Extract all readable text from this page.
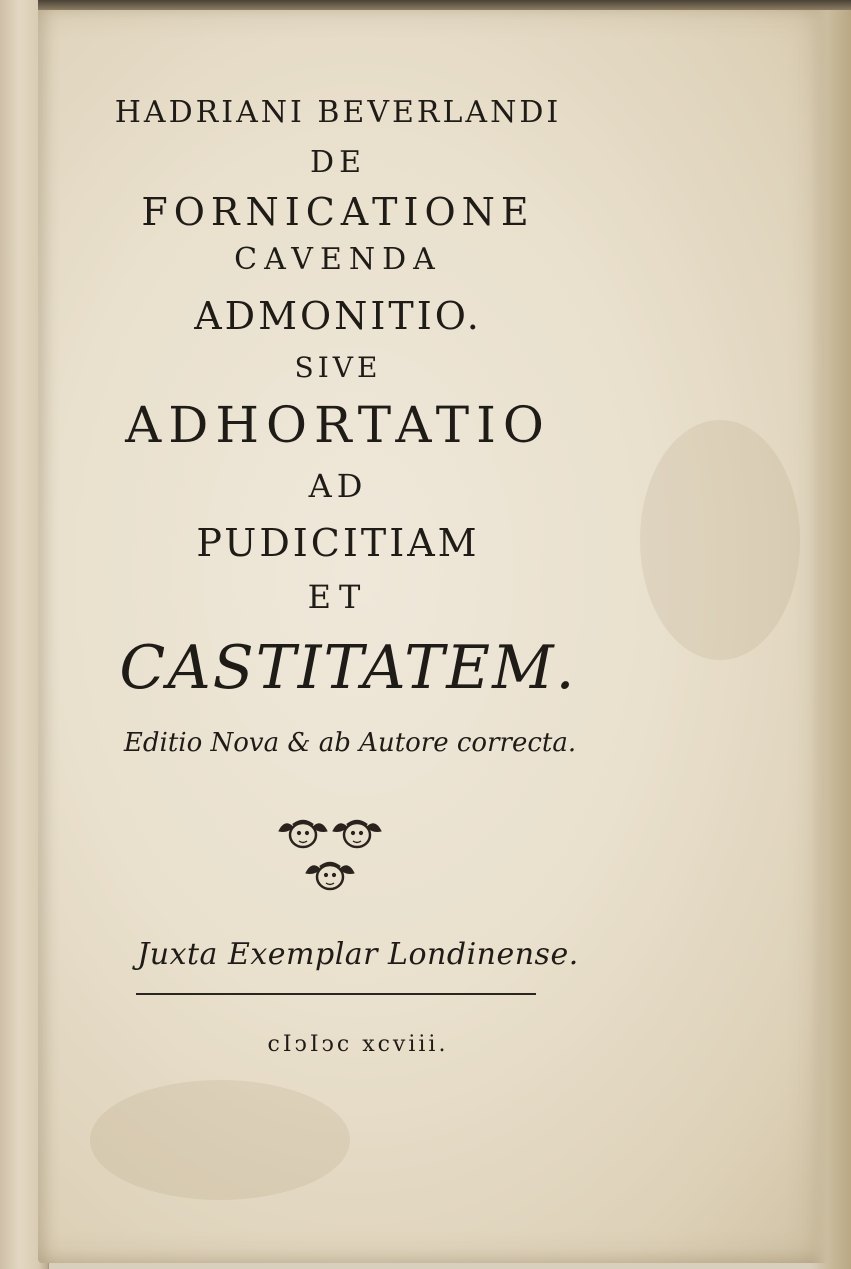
HADRIANI BEVERLANDI
DE
FORNICATIONE
CAVENDA
ADMONITIO.
SIVE
ADHORTATIO
AD
PUDICITIAM
ET
CASTITATEM.
Editio Nova & ab Autore correcta.
Juxta Exemplar Londinense.
cIↄIↄc xcviii.
